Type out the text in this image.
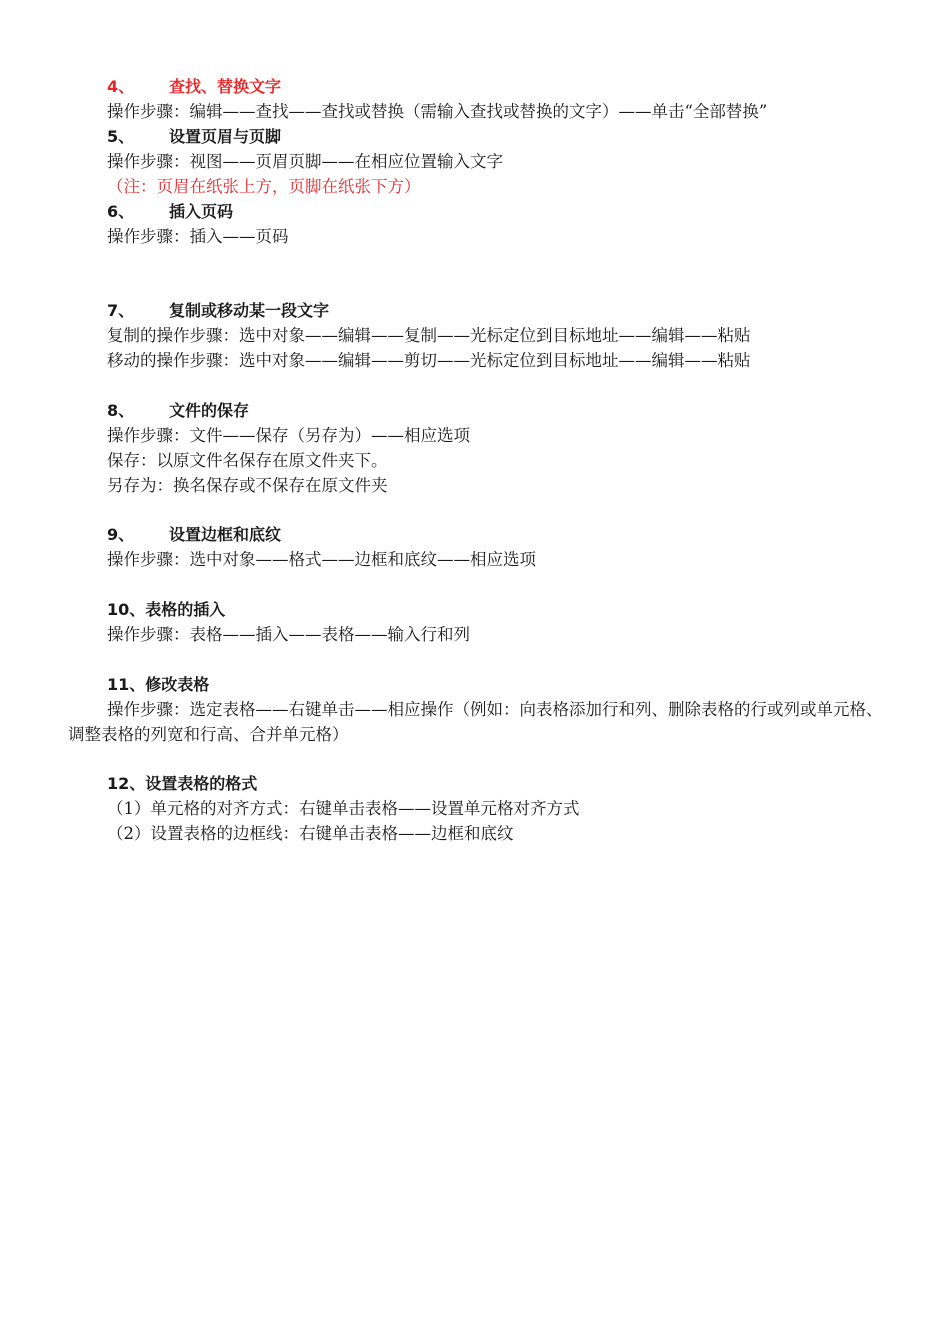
4、 查找、替换文字
操作步骤：编辑——查找——查找或替换（需输入查找或替换的文字）——单击“全部替换”
5、 设置页眉与页脚
操作步骤：视图——页眉页脚——在相应位置输入文字
（注：页眉在纸张上方，页脚在纸张下方）
6、 插入页码
操作步骤：插入——页码
7、 复制或移动某一段文字
复制的操作步骤：选中对象——编辑——复制——光标定位到目标地址——编辑——粘贴
移动的操作步骤：选中对象——编辑——剪切——光标定位到目标地址——编辑——粘贴
8、 文件的保存
操作步骤：文件——保存（另存为）——相应选项
保存：以原文件名保存在原文件夹下。
另存为：换名保存或不保存在原文件夹
9、 设置边框和底纹
操作步骤：选中对象——格式——边框和底纹——相应选项
10、表格的插入
操作步骤：表格——插入——表格——输入行和列
11、修改表格
操作步骤：选定表格——右键单击——相应操作（例如：向表格添加行和列、删除表格的行或列或单元格、调整表格的列宽和行高、合并单元格）
12、设置表格的格式
（1）单元格的对齐方式：右键单击表格——设置单元格对齐方式
（2）设置表格的边框线：右键单击表格——边框和底纹
